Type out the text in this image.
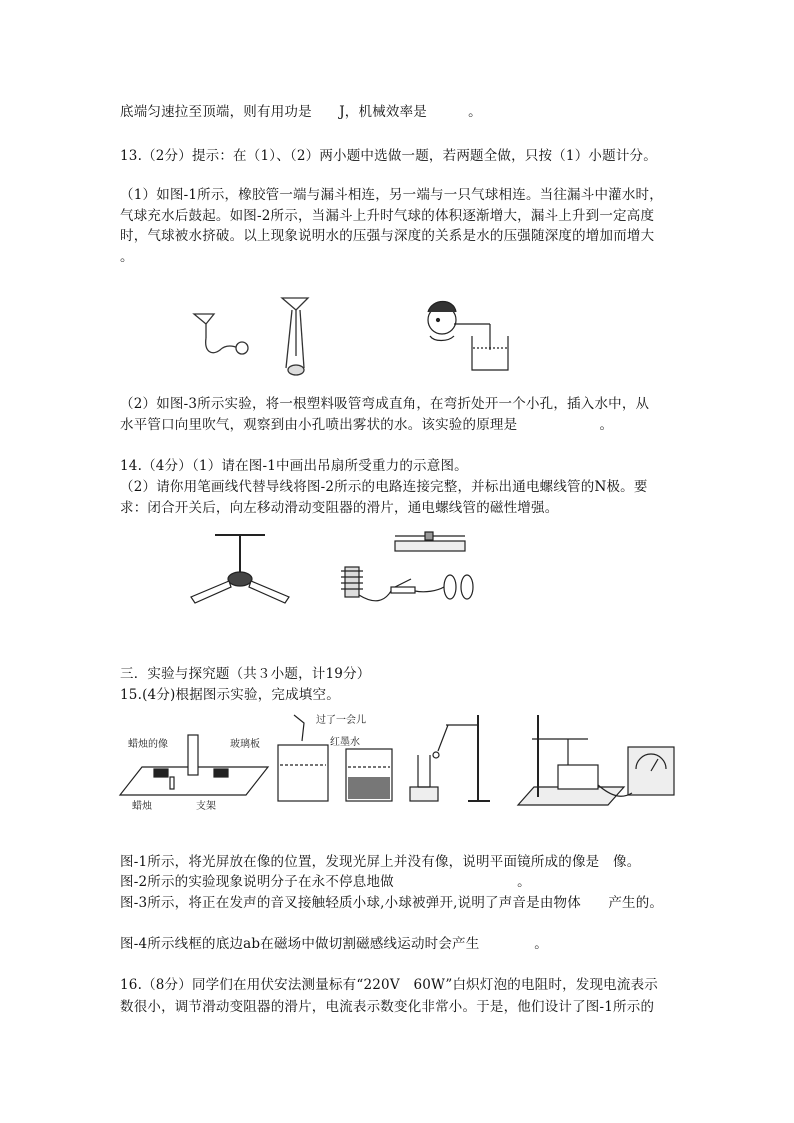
底端匀速拉至顶端，则有用功是　　J，机械效率是　　　。
13.（2分）提示：在（1）、（2）两小题中选做一题，若两题全做，只按（1）小题计分。
（1）如图-1所示，橡胶管一端与漏斗相连，另一端与一只气球相连。当往漏斗中灌水时，
气球充水后鼓起。如图-2所示，当漏斗上升时气球的体积逐渐增大，漏斗上升到一定高度
时，气球被水挤破。以上现象说明水的压强与深度的关系是水的压强随深度的增加而增大
。
（2）如图-3所示实验，将一根塑料吸管弯成直角，在弯折处开一个小孔，插入水中，从
水平管口向里吹气，观察到由小孔喷出雾状的水。该实验的原理是　　　　　　。
14.（4分）（1）请在图-1中画出吊扇所受重力的示意图。
（2）请你用笔画线代替导线将图-2所示的电路连接完整，并标出通电螺线管的N极。要
求：闭合开关后，向左移动滑动变阻器的滑片，通电螺线管的磁性增强。
三．实验与探究题（共３小题，计19分）
15.(4分)根据图示实验，完成填空。
蜡烛的像	玻璃板
蜡烛	支架
过了一会儿
红墨水
图-1所示，将光屏放在像的位置，发现光屏上并没有像，说明平面镜所成的像是　像。
图-2所示的实验现象说明分子在永不停息地做　　　　　　　　　。
图-3所示，将正在发声的音叉接触轻质小球,小球被弹开,说明了声音是由物体　　产生的。
图-4所示线框的底边ab在磁场中做切割磁感线运动时会产生　　　　。
16.（8分）同学们在用伏安法测量标有“220V　60W”白炽灯泡的电阻时，发现电流表示
数很小，调节滑动变阻器的滑片，电流表示数变化非常小。于是，他们设计了图-1所示的
